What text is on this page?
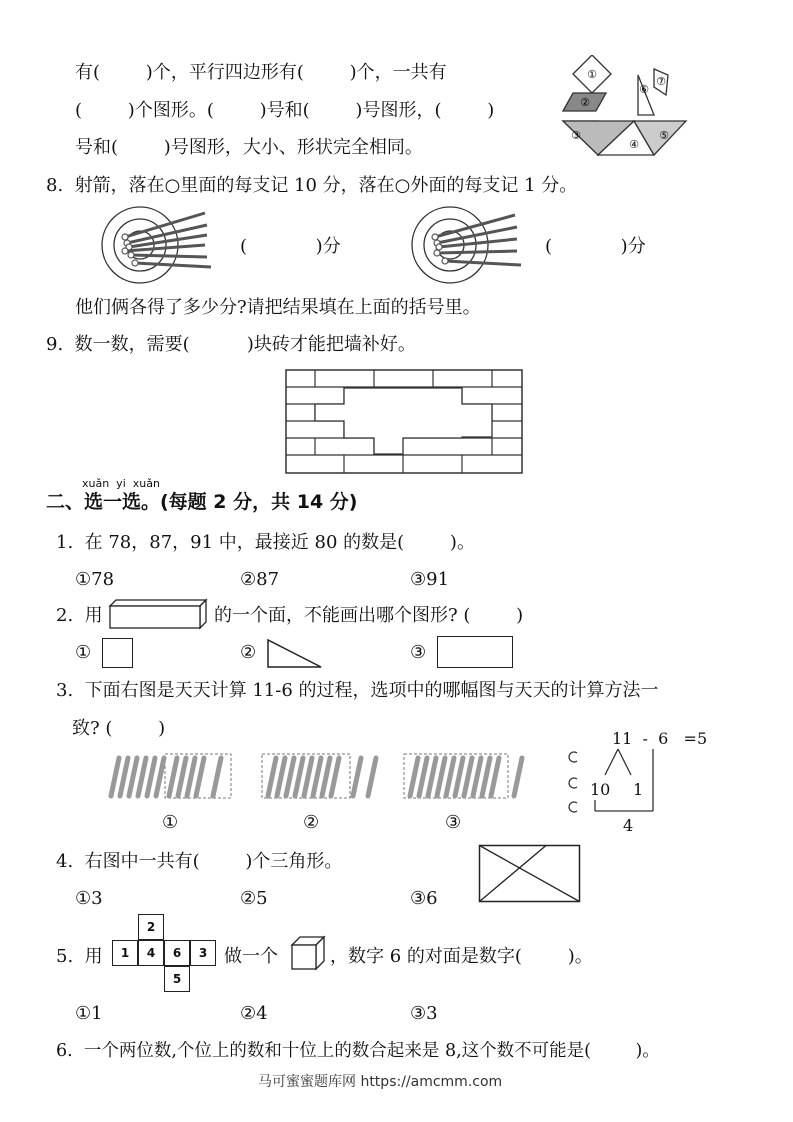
有(        )个，平行四边形有(        )个，一共有
(        )个图形。(        )号和(        )号图形，(        )
号和(        )号图形，大小、形状完全相同。
①
②
③
④
⑤
⑥
⑦
8.  射箭，落在○里面的每支记 10 分，落在○外面的每支记 1 分。
(            )分	(            )分
他们俩各得了多少分?请把结果填在上面的括号里。
9.  数一数，需要(          )块砖才能把墙补好。
xuǎn  yi  xuǎn
二、选一选。(每题 2 分，共 14 分)
1.  在 78，87，91 中，最接近 80 的数是(        )。
①78	②87	③91
2.  用	的一个面，不能画出哪个图形? (        )
①	②	③
3.  下面右图是天天计算 11-6 的过程，选项中的哪幅图与天天的计算方法一
致? (        )
①	②	③
11  -  6   =5
10 1
4
4.  右图中一共有(        )个三角形。
①3	②5	③6
5.  用
2
1	4	6	3
5
做一个	，数字 6 的对面是数字(        )。
①1	②4	③3
6.  一个两位数,个位上的数和十位上的数合起来是 8,这个数不可能是(        )。
马可蜜蜜题库网 https://amcmm.com
